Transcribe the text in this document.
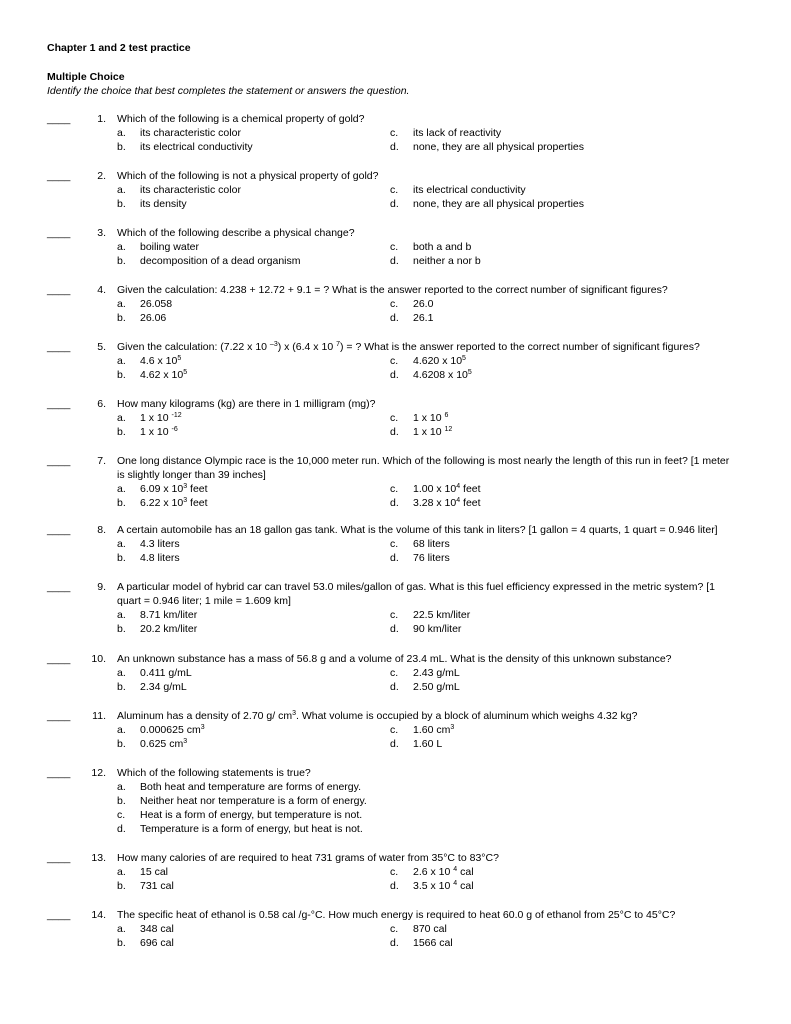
Chapter 1 and 2 test practice
Multiple Choice
Identify the choice that best completes the statement or answers the question.
____	1. Which of the following is a chemical property of gold?
a. its characteristic color
b. its electrical conductivity
c. its lack of reactivity
d. none, they are all physical properties
____	2. Which of the following is not a physical property of gold?
a. its characteristic color
b. its density
c. its electrical conductivity
d. none, they are all physical properties
____	3. Which of the following describe a physical change?
a. boiling water
b. decomposition of a dead organism
c. both a and b
d. neither a nor b
____	4. Given the calculation: 4.238 + 12.72 + 9.1 = ? What is the answer reported to the correct number of significant figures?
a. 26.058
b. 26.06
c. 26.0
d. 26.1
____	5. Given the calculation: (7.22 x 10 $^{-3}$) x (6.4 x 10 $^7$) = ? What is the answer reported to the correct number of significant figures?
a. 4.6 x $10^5$
b. 4.62 x $10^5$
c. 4.620 x $10^5$
d. 4.6208 x $10^5$
____	6. How many kilograms (kg) are there in 1 milligram (mg)?
a. 1 x 10 $^{-12}$
b. 1 x 10 $^{-6}$
c. 1 x 10 $^6$
d. 1 x 10 $^{12}$
____	7. One long distance Olympic race is the 10,000 meter run. Which of the following is most nearly the length of this run in feet? [1 meter is slightly longer than 39 inches]
a. 6.09 x $10^3$ feet
b. 6.22 x $10^3$ feet
c. 1.00 x $10^4$ feet
d. 3.28 x $10^4$ feet
____	8. A certain automobile has an 18 gallon gas tank. What is the volume of this tank in liters? [1 gallon = 4 quarts, 1 quart = 0.946 liter]
a. 4.3 liters
b. 4.8 liters
c. 68 liters
d. 76 liters
____	9. A particular model of hybrid car can travel 53.0 miles/gallon of gas. What is this fuel efficiency expressed in the metric system? [1 quart = 0.946 liter; 1 mile = 1.609 km]
a. 8.71 km/liter
b. 20.2 km/liter
c. 22.5 km/liter
d. 90 km/liter
____	10. An unknown substance has a mass of 56.8 g and a volume of 23.4 mL. What is the density of this unknown substance?
a. 0.411 g/mL
b. 2.34 g/mL
c. 2.43 g/mL
d. 2.50 g/mL
____	11. Aluminum has a density of 2.70 g/ $cm^3$. What volume is occupied by a block of aluminum which weighs 4.32 kg?
a. 0.000625 $cm^3$
b. 0.625 $cm^3$
c. 1.60 $cm^3$
d. 1.60 L
____	12. Which of the following statements is true?
a. Both heat and temperature are forms of energy.
b. Neither heat nor temperature is a form of energy.
c. Heat is a form of energy, but temperature is not.
d. Temperature is a form of energy, but heat is not.
____	13. How many calories of are required to heat 731 grams of water from 35°C to 83°C?
a. 15 cal
b. 731 cal
c. 2.6 x 10 $^4$ cal
d. 3.5 x 10 $^4$ cal
____	14. The specific heat of ethanol is 0.58 cal /g-°C. How much energy is required to heat 60.0 g of ethanol from 25°C to 45°C?
a. 348 cal
b. 696 cal
c. 870 cal
d. 1566 cal
